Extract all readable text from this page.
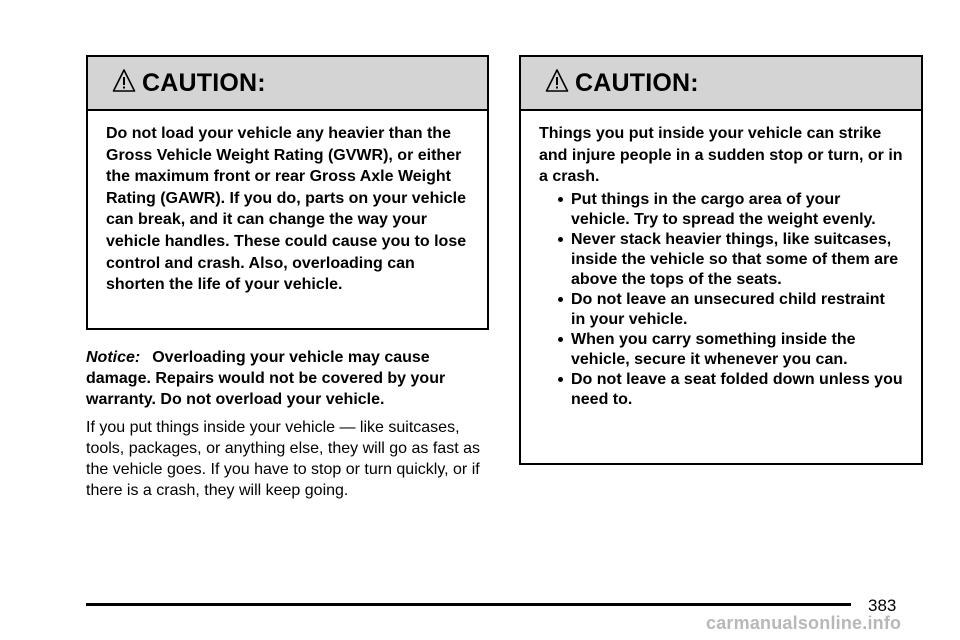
CAUTION:
Do not load your vehicle any heavier than the Gross Vehicle Weight Rating (GVWR), or either the maximum front or rear Gross Axle Weight Rating (GAWR). If you do, parts on your vehicle can break, and it can change the way your vehicle handles. These could cause you to lose control and crash. Also, overloading can shorten the life of your vehicle.
Notice: Overloading your vehicle may cause damage. Repairs would not be covered by your warranty. Do not overload your vehicle.
If you put things inside your vehicle — like suitcases, tools, packages, or anything else, they will go as fast as the vehicle goes. If you have to stop or turn quickly, or if there is a crash, they will keep going.
CAUTION:
Things you put inside your vehicle can strike and injure people in a sudden stop or turn, or in a crash.
Put things in the cargo area of your vehicle. Try to spread the weight evenly.
Never stack heavier things, like suitcases, inside the vehicle so that some of them are above the tops of the seats.
Do not leave an unsecured child restraint in your vehicle.
When you carry something inside the vehicle, secure it whenever you can.
Do not leave a seat folded down unless you need to.
383
carmanualsonline.info
